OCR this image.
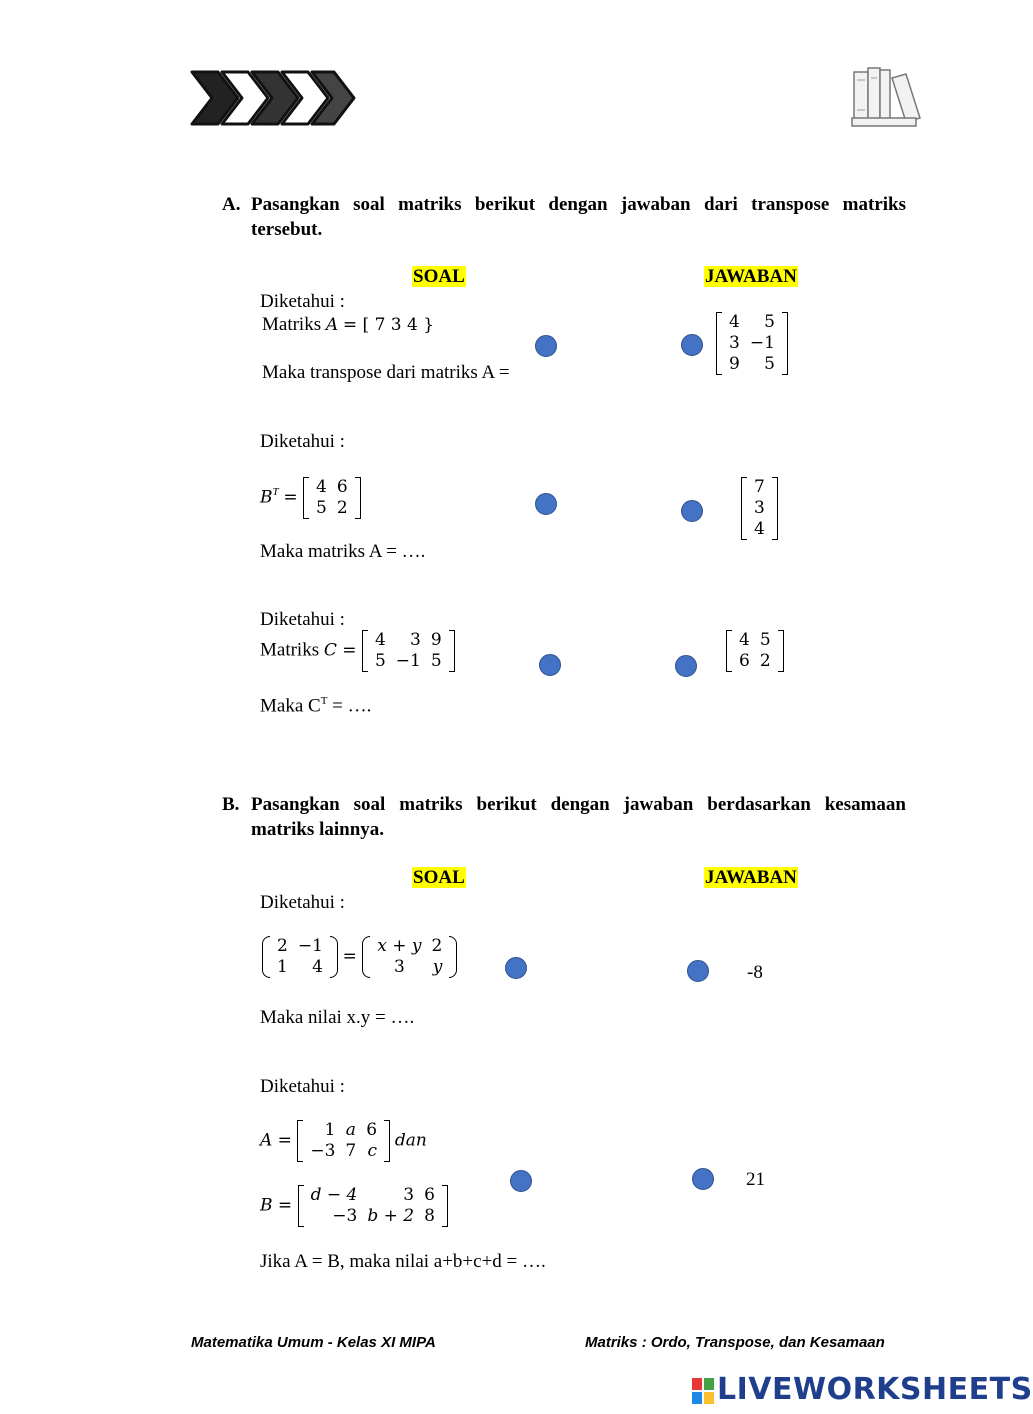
A. Pasangkan soal matriks berikut dengan jawaban dari transpose matriks tersebut.
SOAL	JAWABAN
Diketahui :
Matriks A = [ 7 3 4 }
Maka transpose dari matriks A =
Diketahui :
$B^T$ =
4	6
5	2
Maka matriks A = ….
Diketahui :
Matriks C =
4	3	9
5	−1	5
Maka $C^T$ = ….
4	5
3	−1
9	5
7
3
4
4	5
6	2
B. Pasangkan soal matriks berikut dengan jawaban berdasarkan kesamaan matriks lainnya.
SOAL	JAWABAN
Diketahui :
2	−1
1	4
=
x + y	2
3	y
Maka nilai x.y = ….
Diketahui :
A =
1	a	6
−3	7	c
dan
B =
d − 4	3	6
−3	b + 2	8
Jika A = B, maka nilai a+b+c+d = ….
-8
21
Matematika Umum - Kelas XI MIPA	Matriks : Ordo, Transpose, dan Kesamaan
LIVEWORKSHEETS
